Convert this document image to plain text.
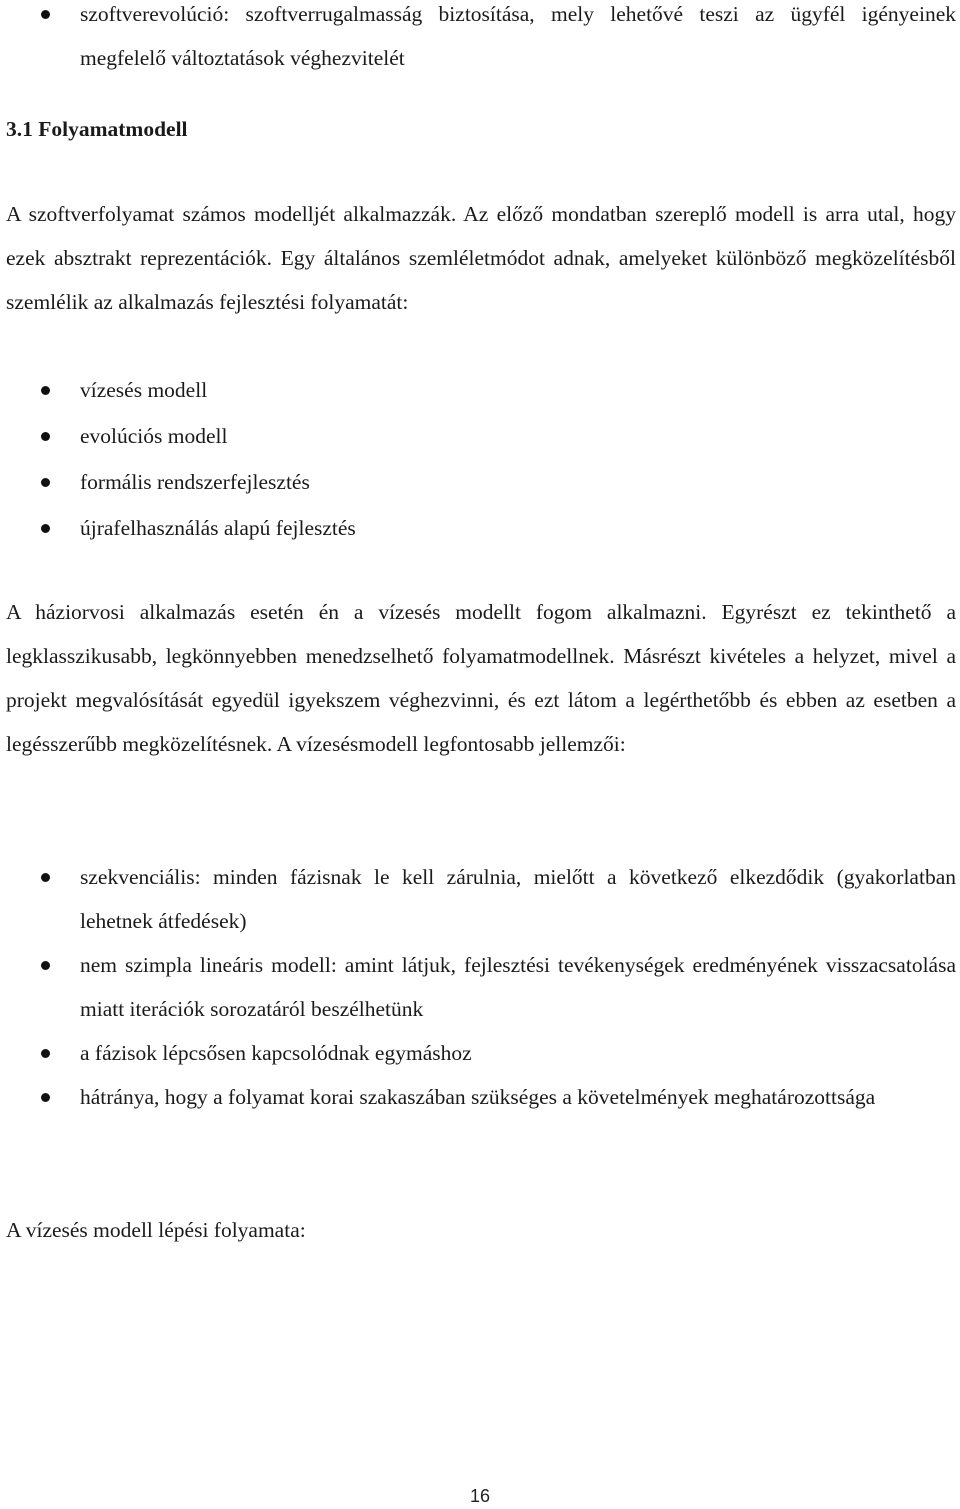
szoftverevolúció: szoftverrugalmasság biztosítása, mely lehetővé teszi az ügyfél igényeinek megfelelő változtatások véghezvitelét
3.1 Folyamatmodell

A szoftverfolyamat számos modelljét alkalmazzák. Az előző mondatban szereplő modell is arra utal, hogy ezek absztrakt reprezentációk. Egy általános szemléletmódot adnak, amelyeket különböző megközelítésből szemlélik az alkalmazás fejlesztési folyamatát:

vízesés modell
evolúciós modell
formális rendszerfejlesztés
újrafelhasználás alapú fejlesztés

A háziorvosi alkalmazás esetén én a vízesés modellt fogom alkalmazni. Egyrészt ez tekinthető a legklasszikusabb, legkönnyebben menedzselhető folyamatmodellnek. Másrészt kivételes a helyzet, mivel a projekt megvalósítását egyedül igyekszem véghezvinni, és ezt látom a legérthetőbb és ebben az esetben a legésszerűbb megközelítésnek. A vízesésmodell legfontosabb jellemzői:

szekvenciális: minden fázisnak le kell zárulnia, mielőtt a következő elkezdődik (gyakorlatban lehetnek átfedések)
nem szimpla lineáris modell: amint látjuk, fejlesztési tevékenységek eredményének visszacsatolása miatt iterációk sorozatáról beszélhetünk
a fázisok lépcsősen kapcsolódnak egymáshoz
hátránya, hogy a folyamat korai szakaszában szükséges a követelmények meghatározottsága

A vízesés modell lépési folyamata:

16
